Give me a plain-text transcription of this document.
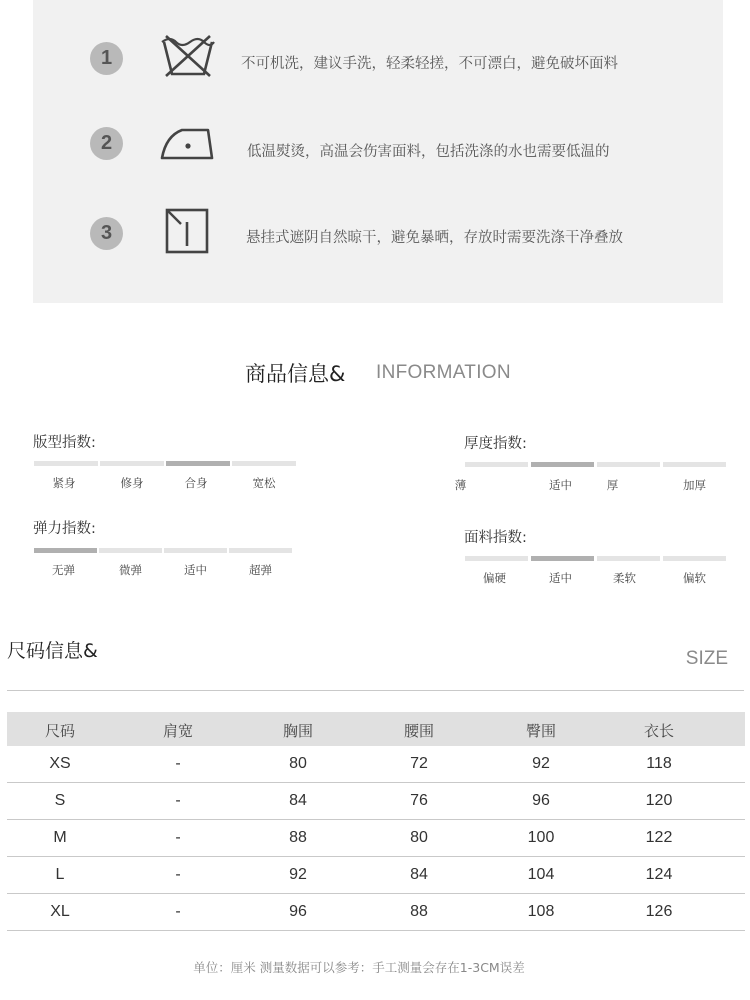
1	不可机洗，建议手洗，轻柔轻搓，不可漂白，避免破坏面料
2	低温熨烫，高温会伤害面料，包括洗涤的水也需要低温的
3	悬挂式遮阴自然晾干，避免暴晒，存放时需要洗涤干净叠放
商品信息& INFORMATION
版型指数:
紧身	修身	合身	宽松
厚度指数:
薄	适中	厚	加厚
弹力指数:
无弹	微弹	适中	超弹
面料指数:
偏硬	适中	柔软	偏软
尺码信息&	SIZE
尺码	肩宽	胸围	腰围	臀围	衣长
XS	-	80	72	92	118
S	-	84	76	96	120
M	-	88	80	100	122
L	-	92	84	104	124
XL	-	96	88	108	126
单位：厘米 测量数据可以参考：手工测量会存在1-3CM误差
